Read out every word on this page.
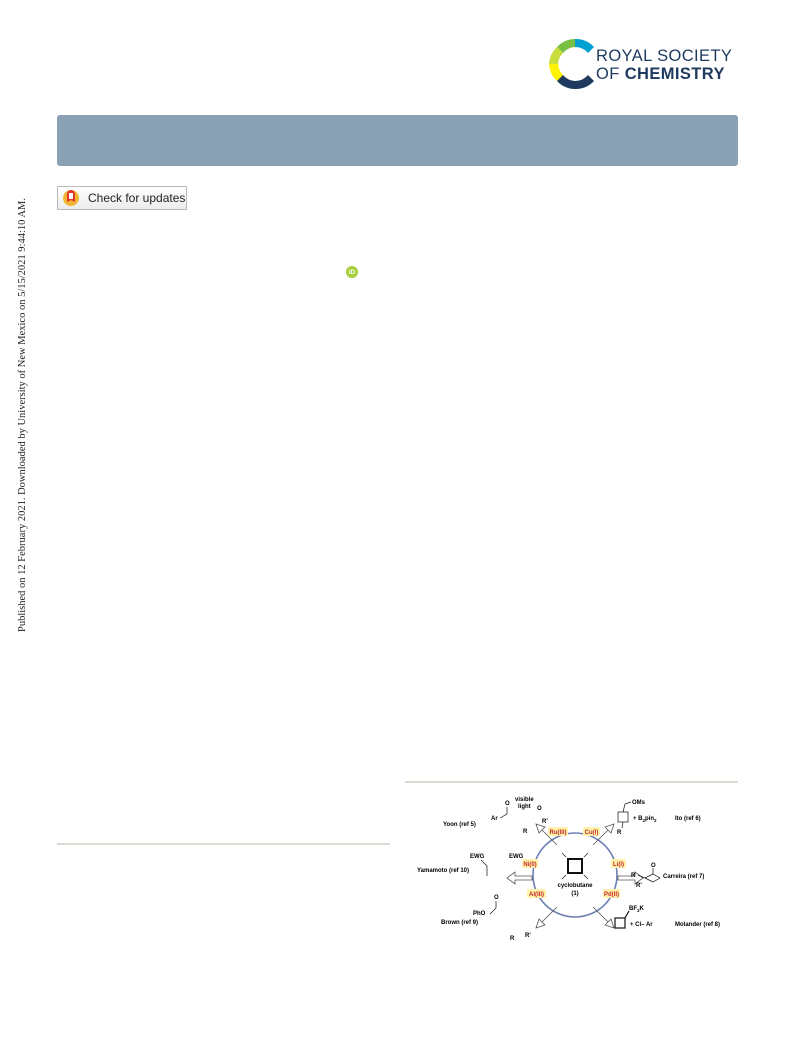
Published on 12 February 2021. Downloaded by University of New Mexico on 5/15/2021 9:44:10 AM.
ROYAL SOCIETY
OF CHEMISTRY
Check for updates
iD
cyclobutane
(1)
Ru(III)	Cu(I)
Ni(0)	Li(I)
Al(III)	Pd(II)
visible
light
Ar
O
O
R'
R
Yoon (ref 5)
OMs
R
+ $B_2pin_2$	Ito (ref 6)
EWG	EWG
Yamamoto (ref 10)
R
O
R'
Carreira (ref 7)
PhO
O
R R'
Brown (ref 9)
$BF_3K$
+ Cl– Ar	Molander (ref 8)
